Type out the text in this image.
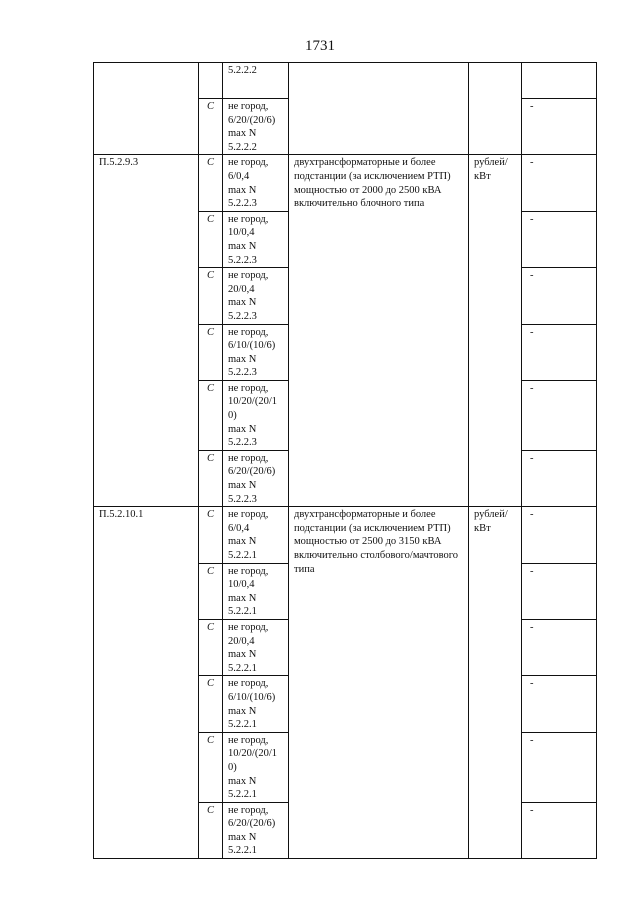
1731
		5.2.2.2			
	С	не город,
6/20/(20/6)
max N
5.2.2.2			-
П.5.2.9.3	С	не город,
6/0,4
max N
5.2.2.3	двухтрансформаторные и более подстанции (за исключением РТП) мощностью от 2000 до 2500 кВА включительно блочного типа	рублей/ кВт	-
	С	не город,
10/0,4
max N
5.2.2.3			-
	С	не город,
20/0,4
max N
5.2.2.3			-
	С	не город,
6/10/(10/6)
max N
5.2.2.3			-
	С	не город,
10/20/(20/1
0)
max N
5.2.2.3			-
	С	не город,
6/20/(20/6)
max N
5.2.2.3			-
П.5.2.10.1	С	не город,
6/0,4
max N
5.2.2.1	двухтрансформаторные и более подстанции (за исключением РТП) мощностью от 2500 до 3150 кВА включительно столбового/мачтового типа	рублей/ кВт	-
	С	не город,
10/0,4
max N
5.2.2.1			-
	С	не город,
20/0,4
max N
5.2.2.1			-
	С	не город,
6/10/(10/6)
max N
5.2.2.1			-
	С	не город,
10/20/(20/1
0)
max N
5.2.2.1			-
	С	не город,
6/20/(20/6)
max N
5.2.2.1			-
